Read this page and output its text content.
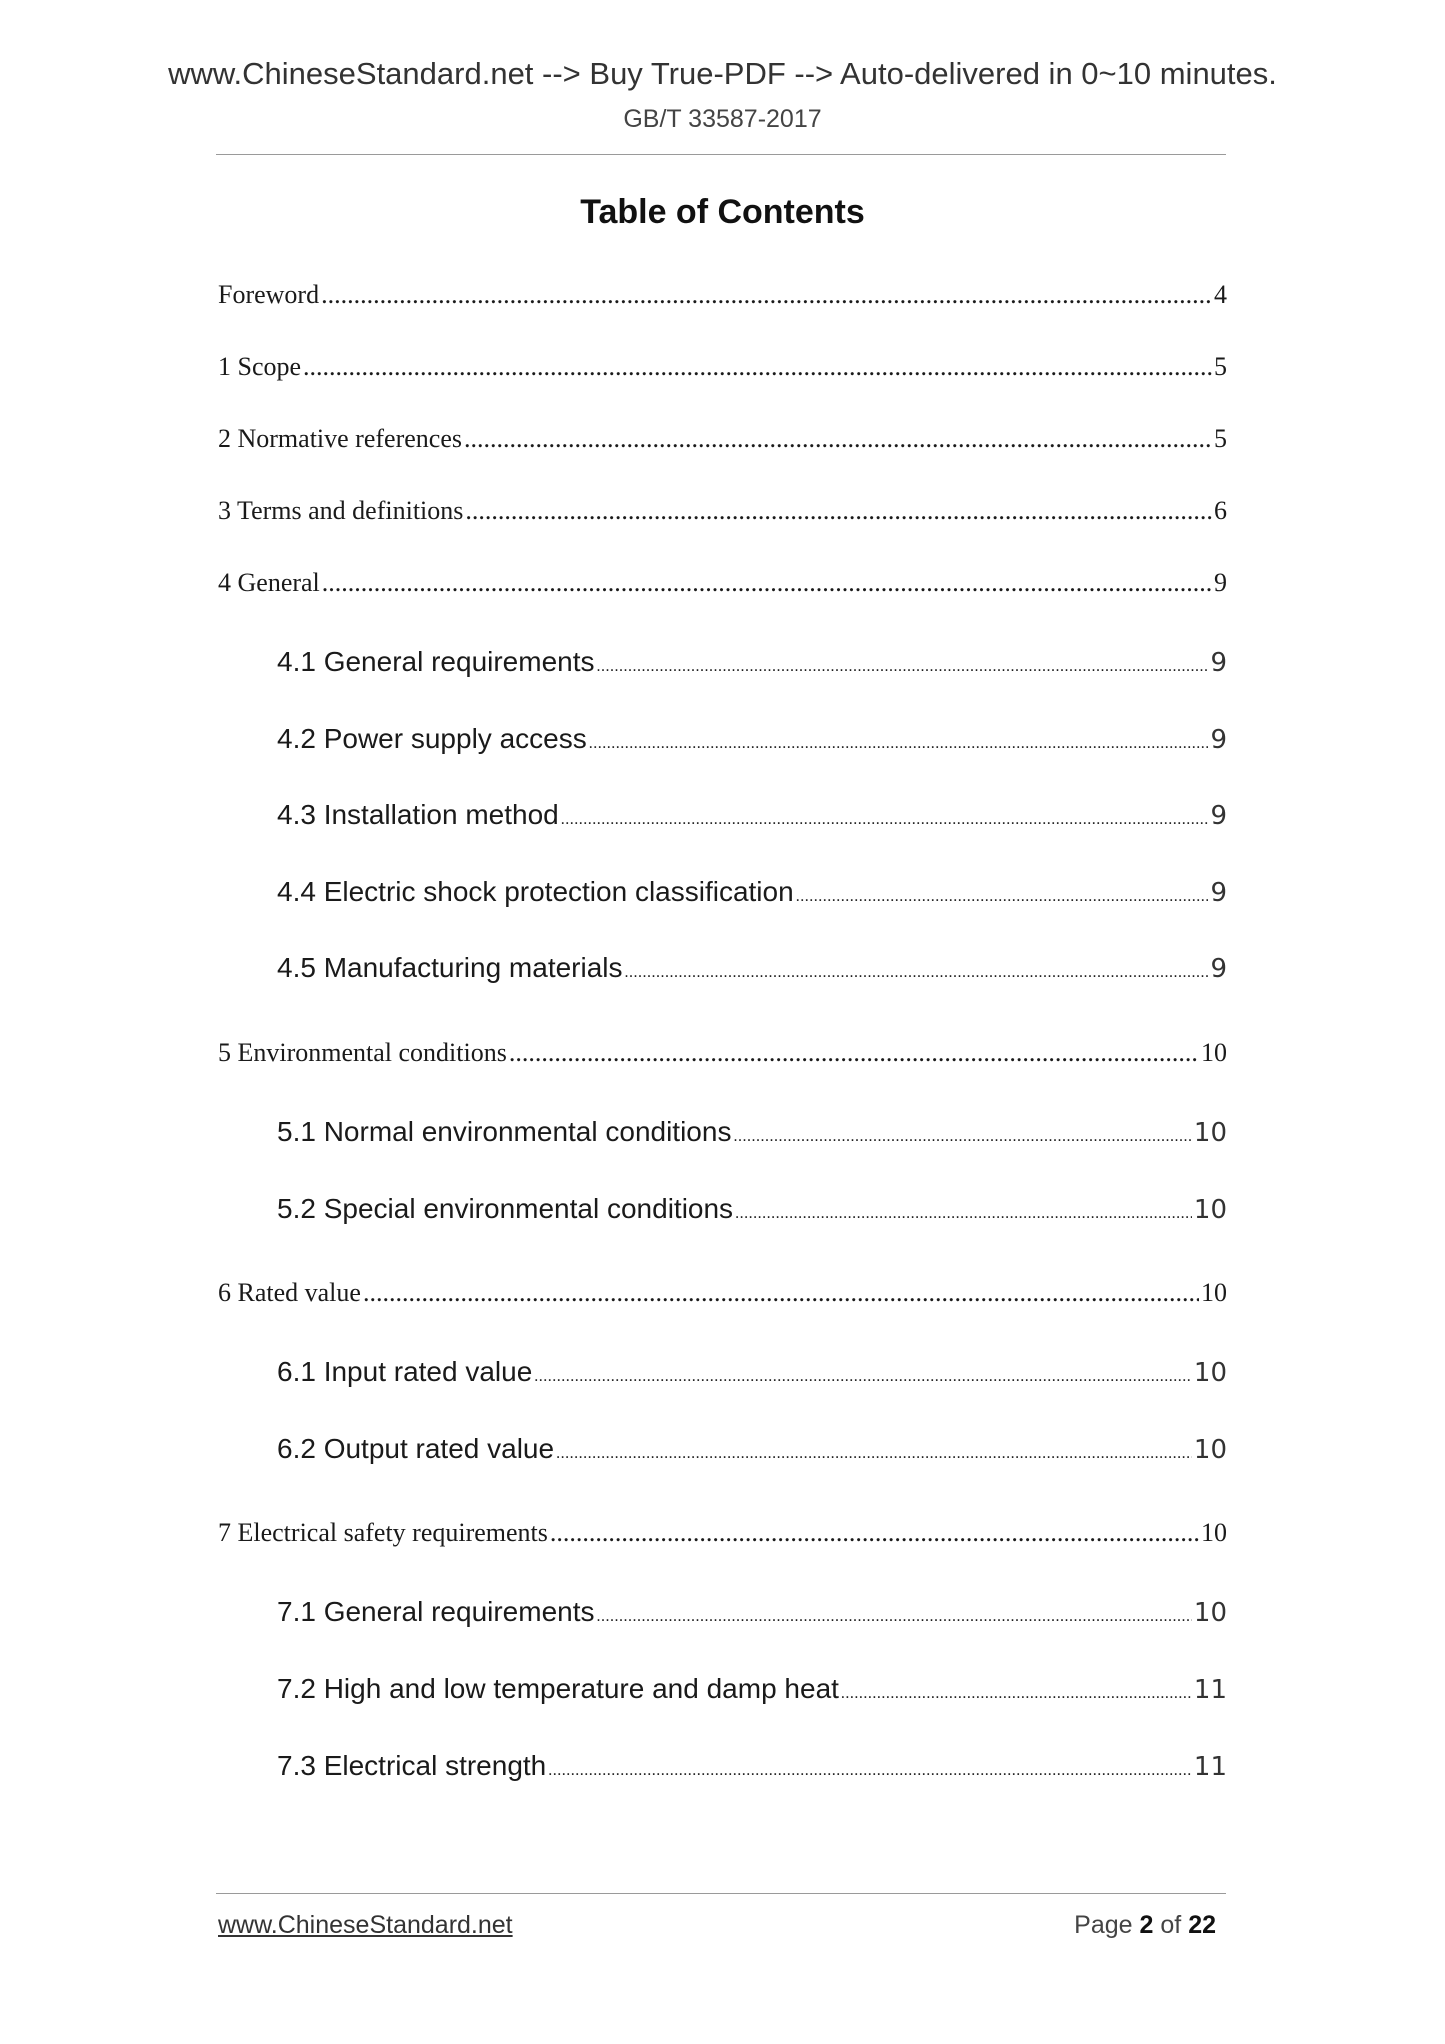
www.ChineseStandard.net --> Buy True-PDF --> Auto-delivered in 0~10 minutes.
GB/T 33587-2017
Table of Contents
Foreword .....	4
1 Scope .....	5
2 Normative references .....	5
3 Terms and definitions .....	6
4 General .....	9
4.1 General requirements .....	9
4.2 Power supply access .....	9
4.3 Installation method .....	9
4.4 Electric shock protection classification .....	9
4.5 Manufacturing materials .....	9
5 Environmental conditions .....	10
5.1 Normal environmental conditions .....	10
5.2 Special environmental conditions .....	10
6 Rated value .....	10
6.1 Input rated value .....	10
6.2 Output rated value .....	10
7 Electrical safety requirements .....	10
7.1 General requirements .....	10
7.2 High and low temperature and damp heat .....	11
7.3 Electrical strength .....	11
www.ChineseStandard.net	Page 2 of 22
